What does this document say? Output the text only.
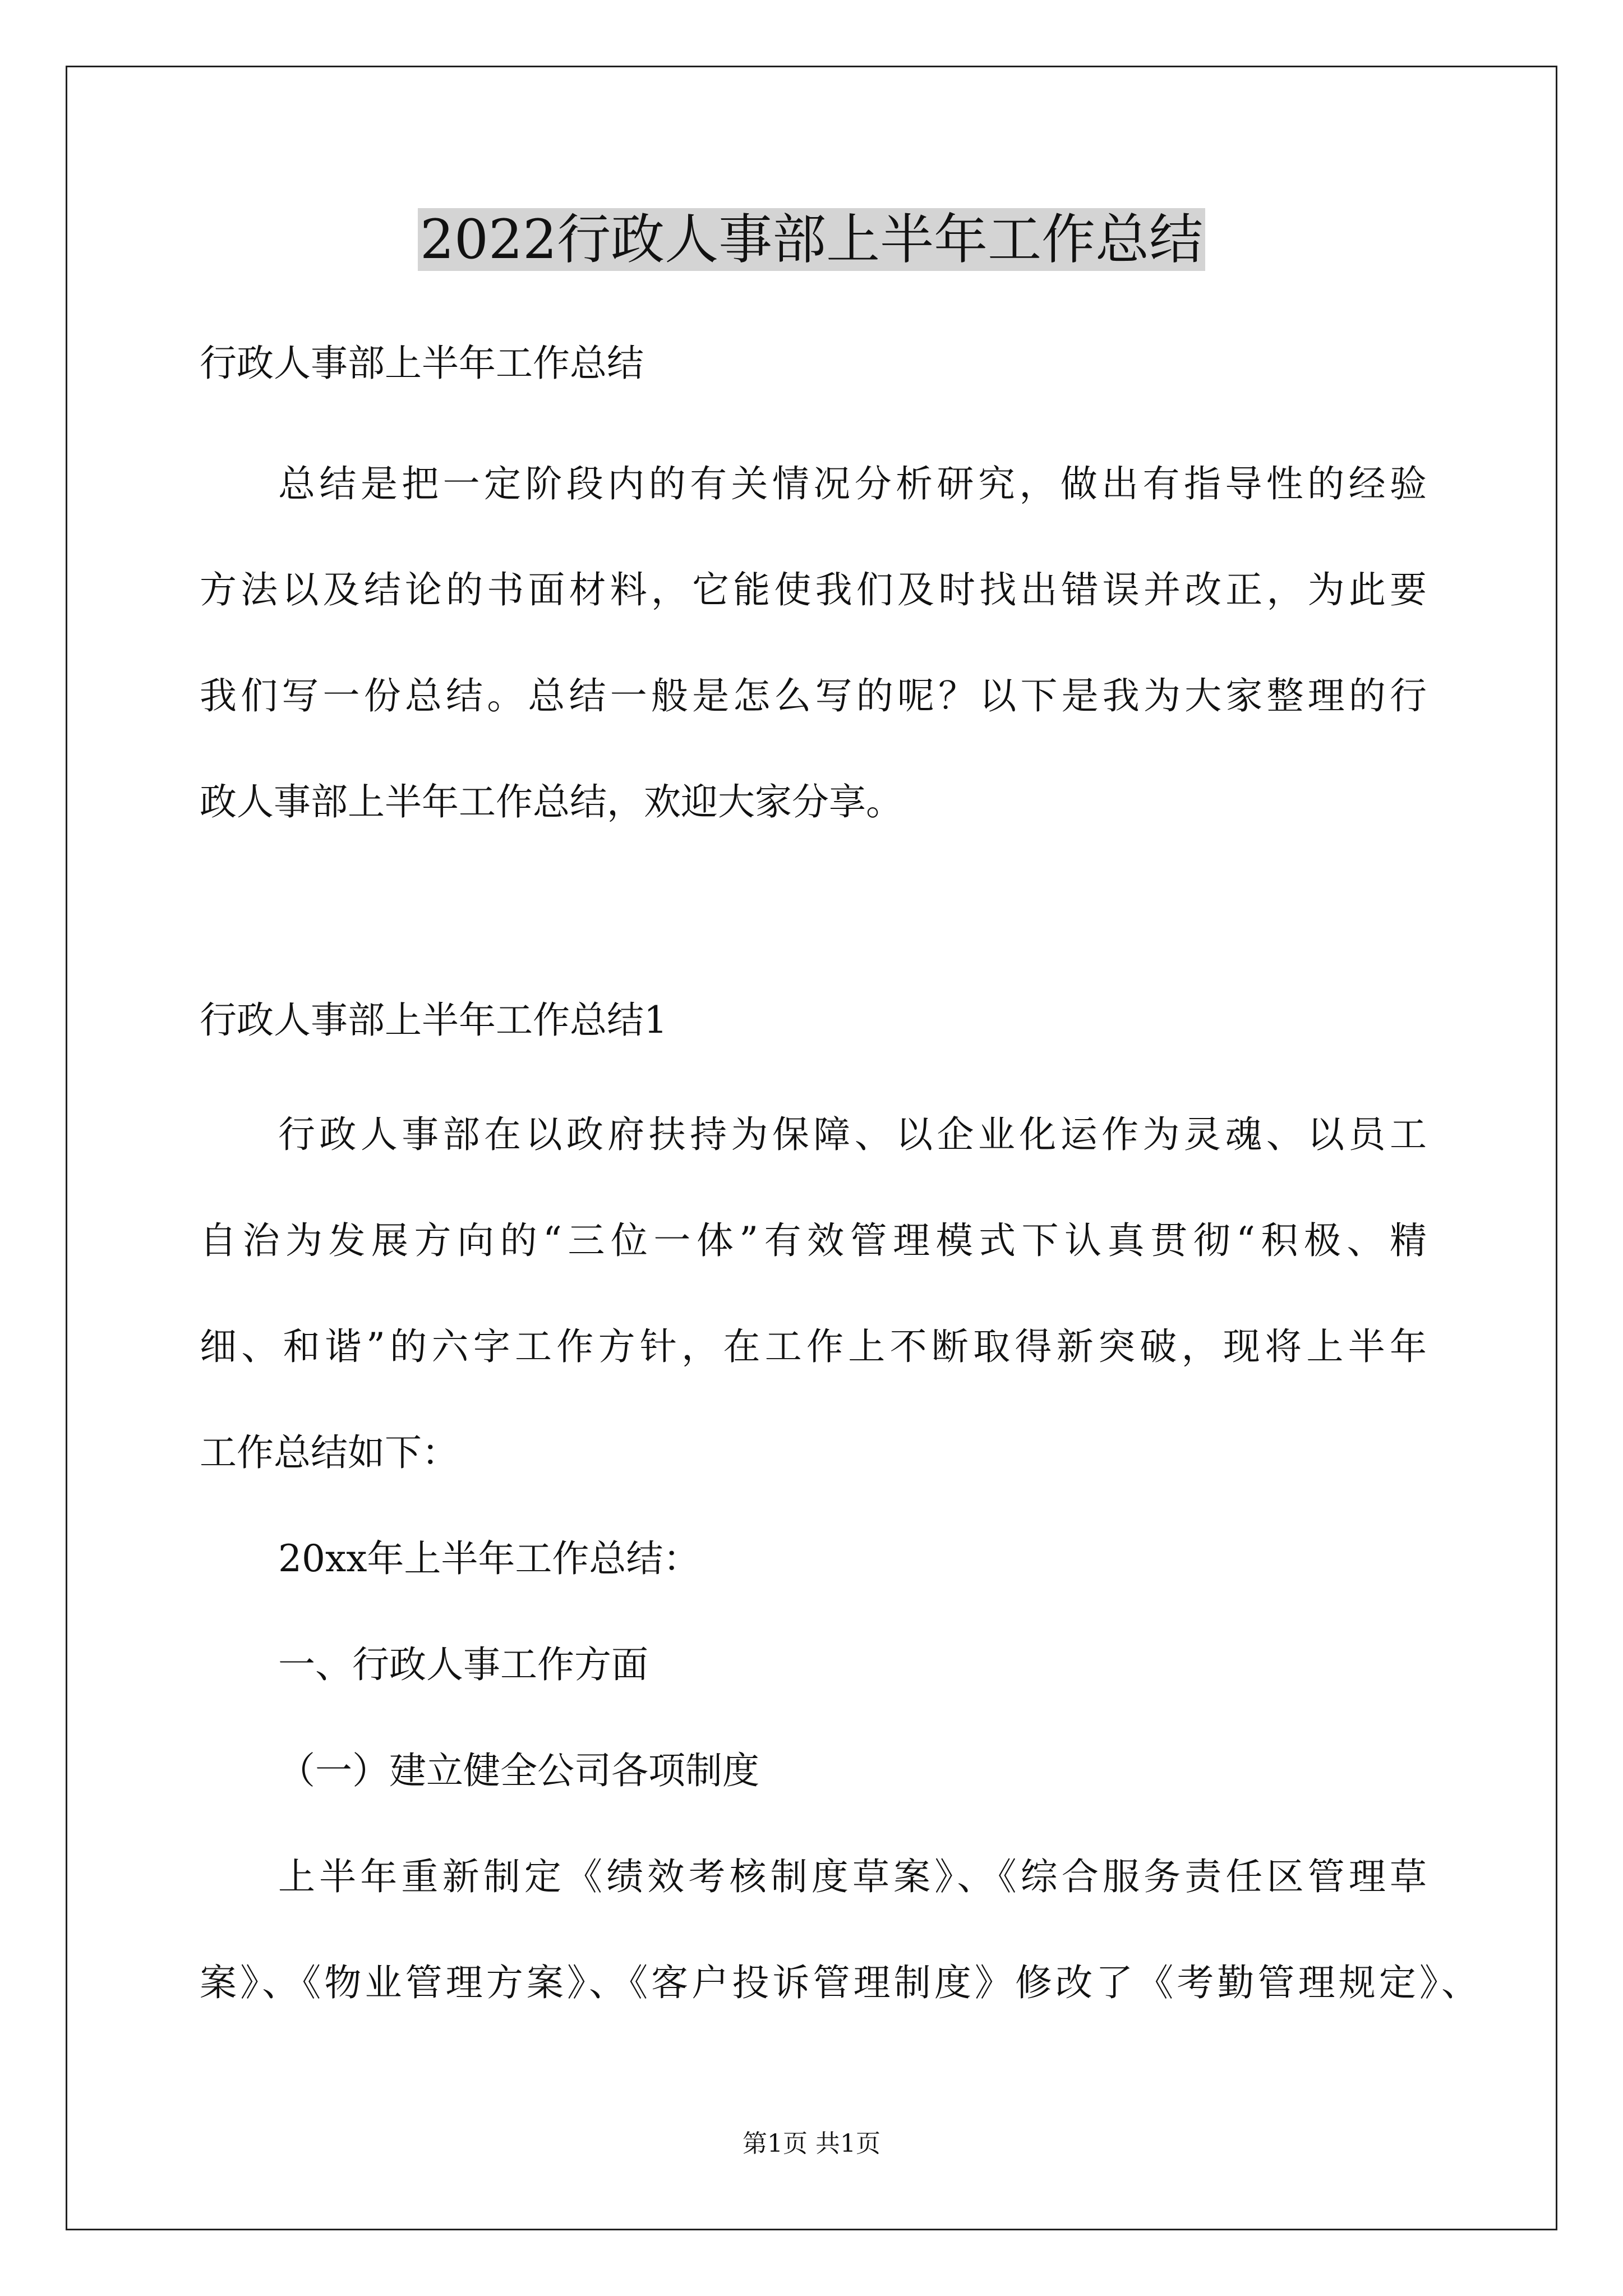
2022行政人事部上半年工作总结
行政人事部上半年工作总结
总结是把一定阶段内的有关情况分析研究，做出有指导性的经验
方法以及结论的书面材料，它能使我们及时找出错误并改正，为此要
我们写一份总结。总结一般是怎么写的呢？以下是我为大家整理的行
政人事部上半年工作总结，欢迎大家分享。
行政人事部上半年工作总结1
行政人事部在以政府扶持为保障、以企业化运作为灵魂、以员工
自治为发展方向的“三位一体”有效管理模式下认真贯彻“积极、精
细、和谐”的六字工作方针，在工作上不断取得新突破，现将上半年
工作总结如下：
20xx年上半年工作总结：
一、行政人事工作方面
（一）建立健全公司各项制度
上半年重新制定《绩效考核制度草案》、《综合服务责任区管理草
案》、《物业管理方案》、《客户投诉管理制度》修改了《考勤管理规定》、
第1页 共1页
